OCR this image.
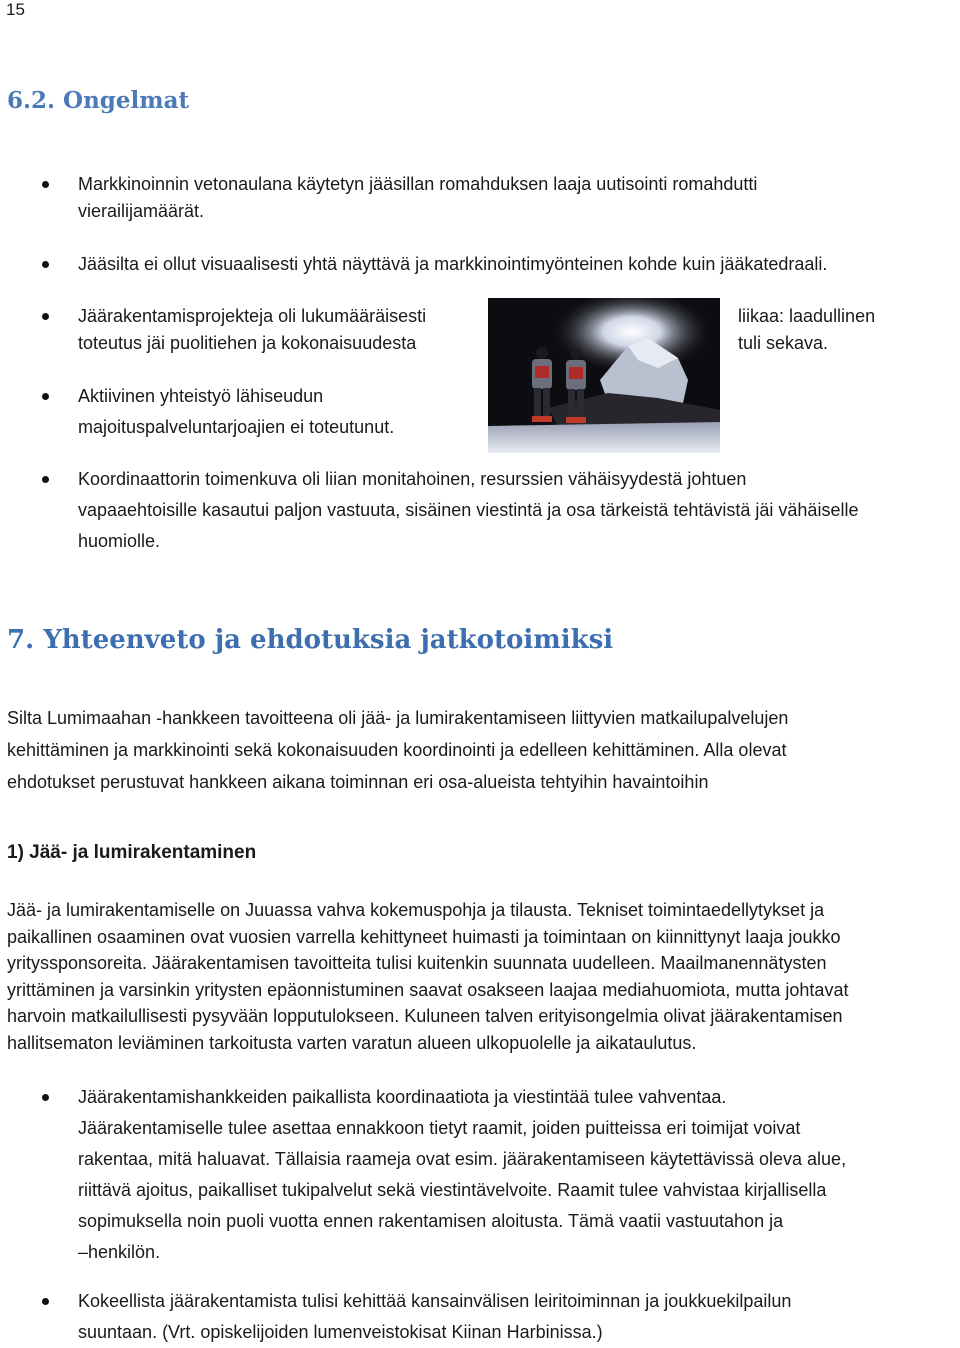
15
6.2. Ongelmat
Markkinoinnin vetonaulana käytetyn jääsillan romahduksen laaja uutisointi romahdutti
vierailijamäärät.
Jääsilta ei ollut visuaalisesti yhtä näyttävä ja markkinointimyönteinen kohde kuin jääkatedraali.
Jäärakentamisprojekteja oli lukumääräisesti
toteutus jäi puolitiehen ja kokonaisuudesta
liikaa: laadullinen
tuli sekava.
Aktiivinen yhteistyö lähiseudun
majoituspalveluntarjoajien ei toteutunut.
Koordinaattorin toimenkuva oli liian monitahoinen, resurssien vähäisyydestä johtuen
vapaaehtoisille kasautui paljon vastuuta, sisäinen viestintä ja osa tärkeistä tehtävistä jäi vähäiselle
huomiolle.
7. Yhteenveto ja ehdotuksia jatkotoimiksi
Silta Lumimaahan -hankkeen tavoitteena oli jää- ja lumirakentamiseen liittyvien matkailupalvelujen
kehittäminen ja markkinointi sekä kokonaisuuden koordinointi ja edelleen kehittäminen. Alla olevat
ehdotukset perustuvat hankkeen aikana toiminnan eri osa-alueista tehtyihin havaintoihin
1) Jää- ja lumirakentaminen
Jää- ja lumirakentamiselle on Juuassa vahva kokemuspohja ja tilausta. Tekniset toimintaedellytykset ja
paikallinen osaaminen ovat vuosien varrella kehittyneet huimasti ja toimintaan on kiinnittynyt laaja joukko
yrityssponsoreita. Jäärakentamisen tavoitteita tulisi kuitenkin suunnata uudelleen. Maailmanennätysten
yrittäminen ja varsinkin yritysten epäonnistuminen saavat osakseen laajaa mediahuomiota, mutta johtavat
harvoin matkailullisesti pysyvään lopputulokseen. Kuluneen talven erityisongelmia olivat jäärakentamisen
hallitsematon leviäminen tarkoitusta varten varatun alueen ulkopuolelle ja aikataulutus.
Jäärakentamishankkeiden paikallista koordinaatiota ja viestintää tulee vahventaa.
Jäärakentamiselle tulee asettaa ennakkoon tietyt raamit, joiden puitteissa eri toimijat voivat
rakentaa, mitä haluavat. Tällaisia raameja ovat esim. jäärakentamiseen käytettävissä oleva alue,
riittävä ajoitus, paikalliset tukipalvelut sekä viestintävelvoite. Raamit tulee vahvistaa kirjallisella
sopimuksella noin puoli vuotta ennen rakentamisen aloitusta. Tämä vaatii vastuutahon ja
–henkilön.
Kokeellista jäärakentamista tulisi kehittää kansainvälisen leiritoiminnan ja joukkuekilpailun
suuntaan. (Vrt. opiskelijoiden lumenveistokisat Kiinan Harbinissa.)
